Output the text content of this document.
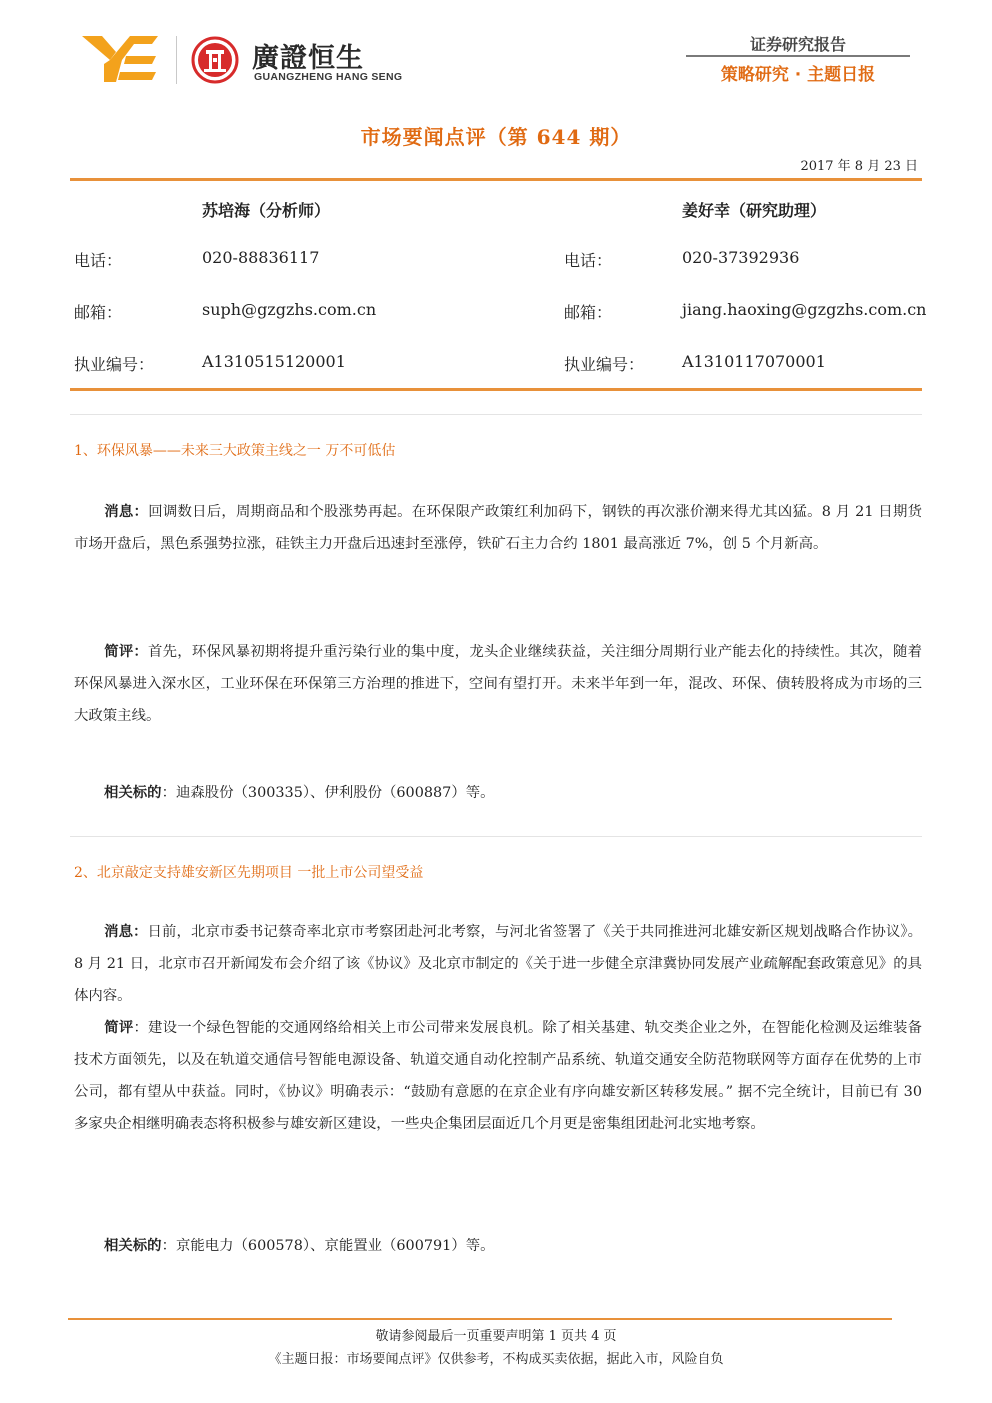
廣證恒生
GUANGZHENG HANG SENG
证券研究报告
策略研究 · 主题日报
市场要闻点评（第 644 期）
2017 年 8 月 23 日
苏培海（分析师）	姜好幸（研究助理）
电话：	020-88836117	电话：	020-37392936
邮箱：	suph@gzgzhs.com.cn	邮箱：	jiang.haoxing@gzgzhs.com.cn
执业编号：	A1310515120001	执业编号： A1310117070001
1、环保风暴——未来三大政策主线之一 万不可低估

消息：回调数日后，周期商品和个股涨势再起。在环保限产政策红利加码下，钢铁的再次涨价潮来得尤其凶猛。8 月 21 日期货市场开盘后，黑色系强势拉涨，硅铁主力开盘后迅速封至涨停，铁矿石主力合约 1801 最高涨近 7%，创 5 个月新高。

简评：首先，环保风暴初期将提升重污染行业的集中度，龙头企业继续获益，关注细分周期行业产能去化的持续性。其次，随着环保风暴进入深水区，工业环保在环保第三方治理的推进下，空间有望打开。未来半年到一年，混改、环保、债转股将成为市场的三大政策主线。

相关标的：迪森股份（300335）、伊利股份（600887）等。

2、北京敲定支持雄安新区先期项目 一批上市公司望受益

消息：日前，北京市委书记蔡奇率北京市考察团赴河北考察，与河北省签署了《关于共同推进河北雄安新区规划战略合作协议》。8 月 21 日，北京市召开新闻发布会介绍了该《协议》及北京市制定的《关于进一步健全京津冀协同发展产业疏解配套政策意见》的具体内容。

简评：建设一个绿色智能的交通网络给相关上市公司带来发展良机。除了相关基建、轨交类企业之外，在智能化检测及运维装备技术方面领先，以及在轨道交通信号智能电源设备、轨道交通自动化控制产品系统、轨道交通安全防范物联网等方面存在优势的上市公司，都有望从中获益。同时，《协议》明确表示：“鼓励有意愿的在京企业有序向雄安新区转移发展。” 据不完全统计，目前已有 30 多家央企相继明确表态将积极参与雄安新区建设，一些央企集团层面近几个月更是密集组团赴河北实地考察。

相关标的：京能电力（600578）、京能置业（600791）等。

敬请参阅最后一页重要声明第 1 页共 4 页
《主题日报：市场要闻点评》仅供参考，不构成买卖依据，据此入市，风险自负
